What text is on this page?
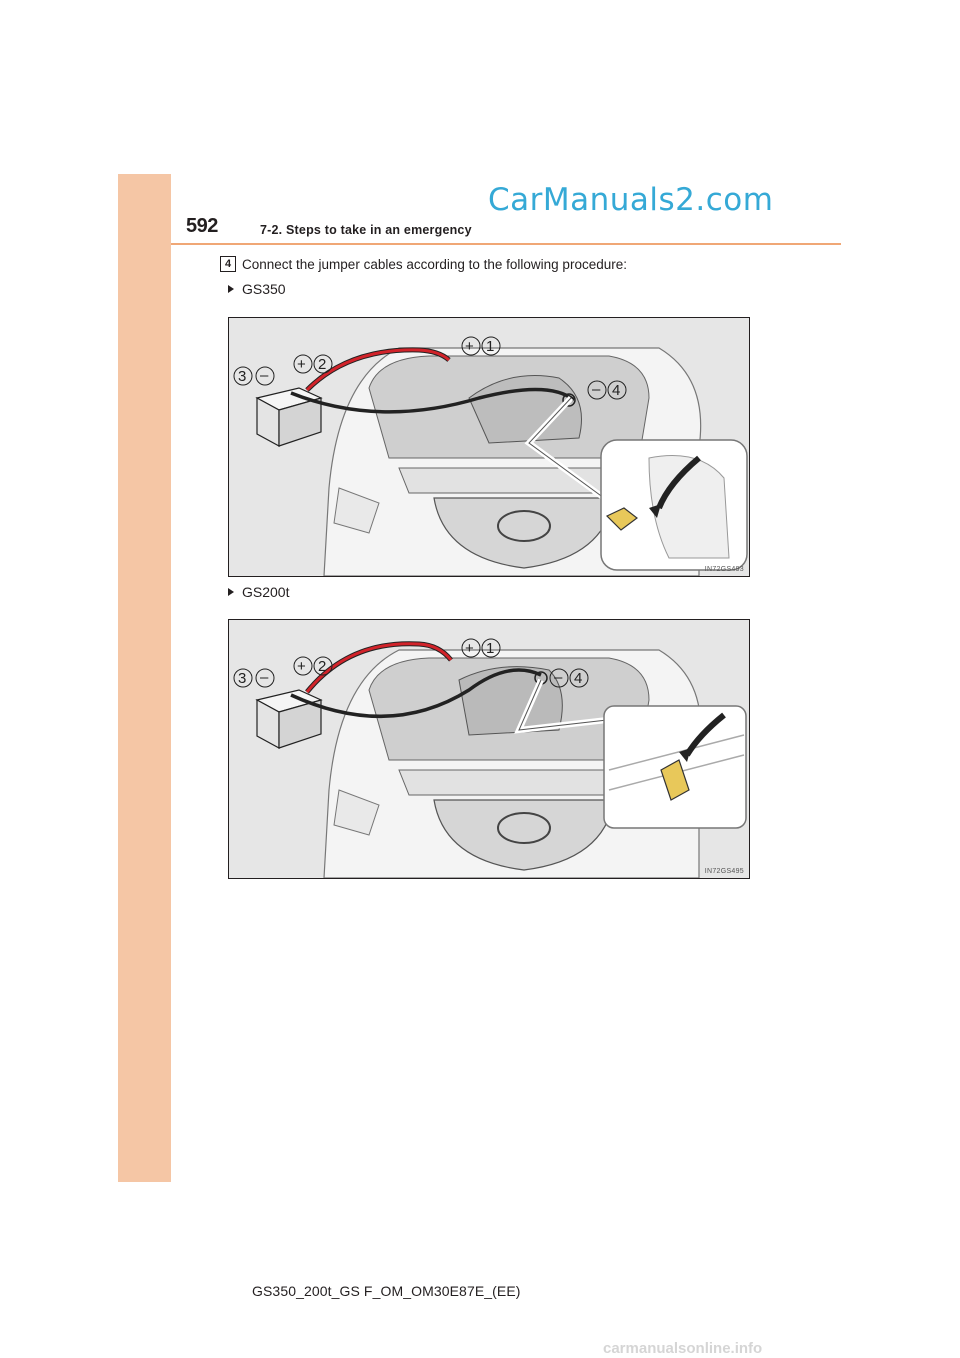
592	7-2. Steps to take in an emergency
CarManuals2.com
4 Connect the jumper cables according to the following procedure:
GS350
+ 1
+ 2
3 –
– 4
IN72GS493
GS200t
+ 1
+ 2
3 –	– 4
IN72GS495
GS350_200t_GS F_OM_OM30E87E_(EE)
carmanualsonline.info
